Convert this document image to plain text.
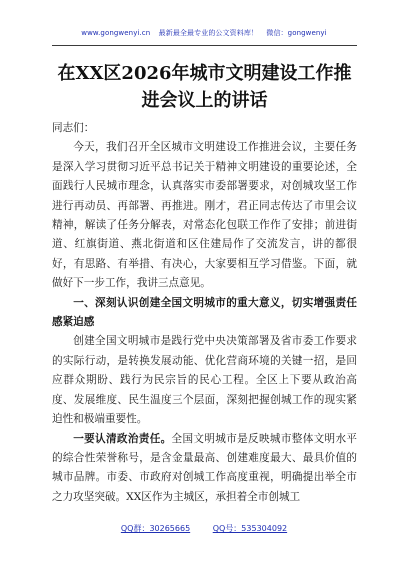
www.gongwenyi.cn 最新最全最专业的公文资料库！ 微信：gongwenyi
在XX区2026年城市文明建设工作推进会议上的讲话

同志们：

今天，我们召开全区城市文明建设工作推进会议，主要任务是深入学习贯彻习近平总书记关于精神文明建设的重要论述，全面践行人民城市理念，认真落实市委部署要求，对创城攻坚工作进行再动员、再部署、再推进。刚才，君正同志传达了市里会议精神，解读了任务分解表，对常态化包联工作作了安排；前进街道、红旗街道、燕北街道和区住建局作了交流发言，讲的都很好，有思路、有举措、有决心，大家要相互学习借鉴。下面，就做好下一步工作，我讲三点意见。

一、深刻认识创建全国文明城市的重大意义，切实增强责任感紧迫感

创建全国文明城市是践行党中央决策部署及省市委工作要求的实际行动，是转换发展动能、优化营商环境的关键一招，是回应群众期盼、践行为民宗旨的民心工程。全区上下要从政治高度、发展维度、民生温度三个层面，深刻把握创城工作的现实紧迫性和极端重要性。

一要认清政治责任。全国文明城市是反映城市整体文明水平的综合性荣誉称号，是含金量最高、创建难度最大、最具价值的城市品牌。市委、市政府对创城工作高度重视，明确提出举全市之力攻坚突破。XX区作为主城区，承担着全市创城工

QQ群：30265665	QQ号：535304092
